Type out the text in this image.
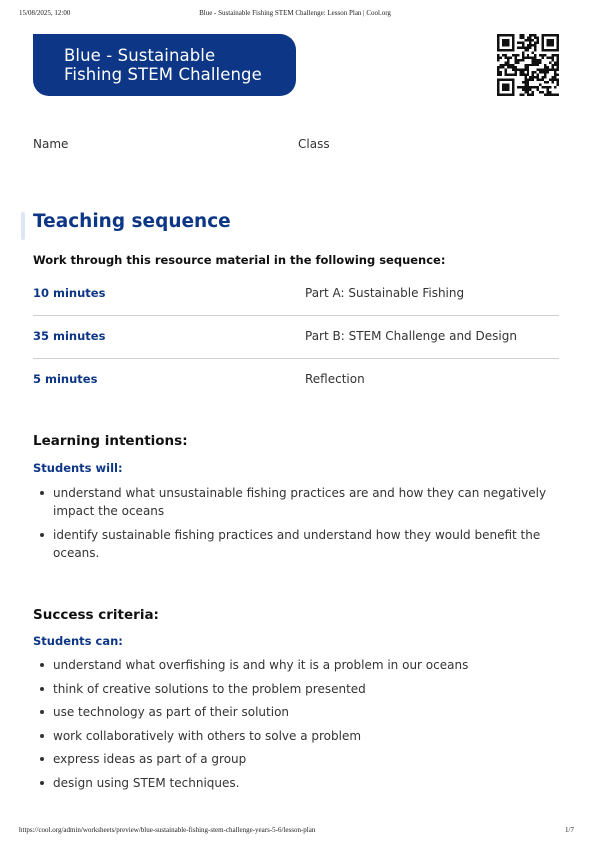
15/08/2025, 12:00	Blue - Sustainable Fishing STEM Challenge: Lesson Plan | Cool.org
Blue - Sustainable
Fishing STEM Challenge
Name	Class
Teaching sequence
Work through this resource material in the following sequence:
10 minutes	Part A: Sustainable Fishing
35 minutes	Part B: STEM Challenge and Design
5 minutes	Reflection
Learning intentions:
Students will:
understand what unsustainable fishing practices are and how they can negatively impact the oceans
identify sustainable fishing practices and understand how they would benefit the oceans.
Success criteria:
Students can:
understand what overfishing is and why it is a problem in our oceans
think of creative solutions to the problem presented
use technology as part of their solution
work collaboratively with others to solve a problem
express ideas as part of a group
design using STEM techniques.
https://cool.org/admin/worksheets/preview/blue-sustainable-fishing-stem-challenge-years-5-6/lesson-plan	1/7
